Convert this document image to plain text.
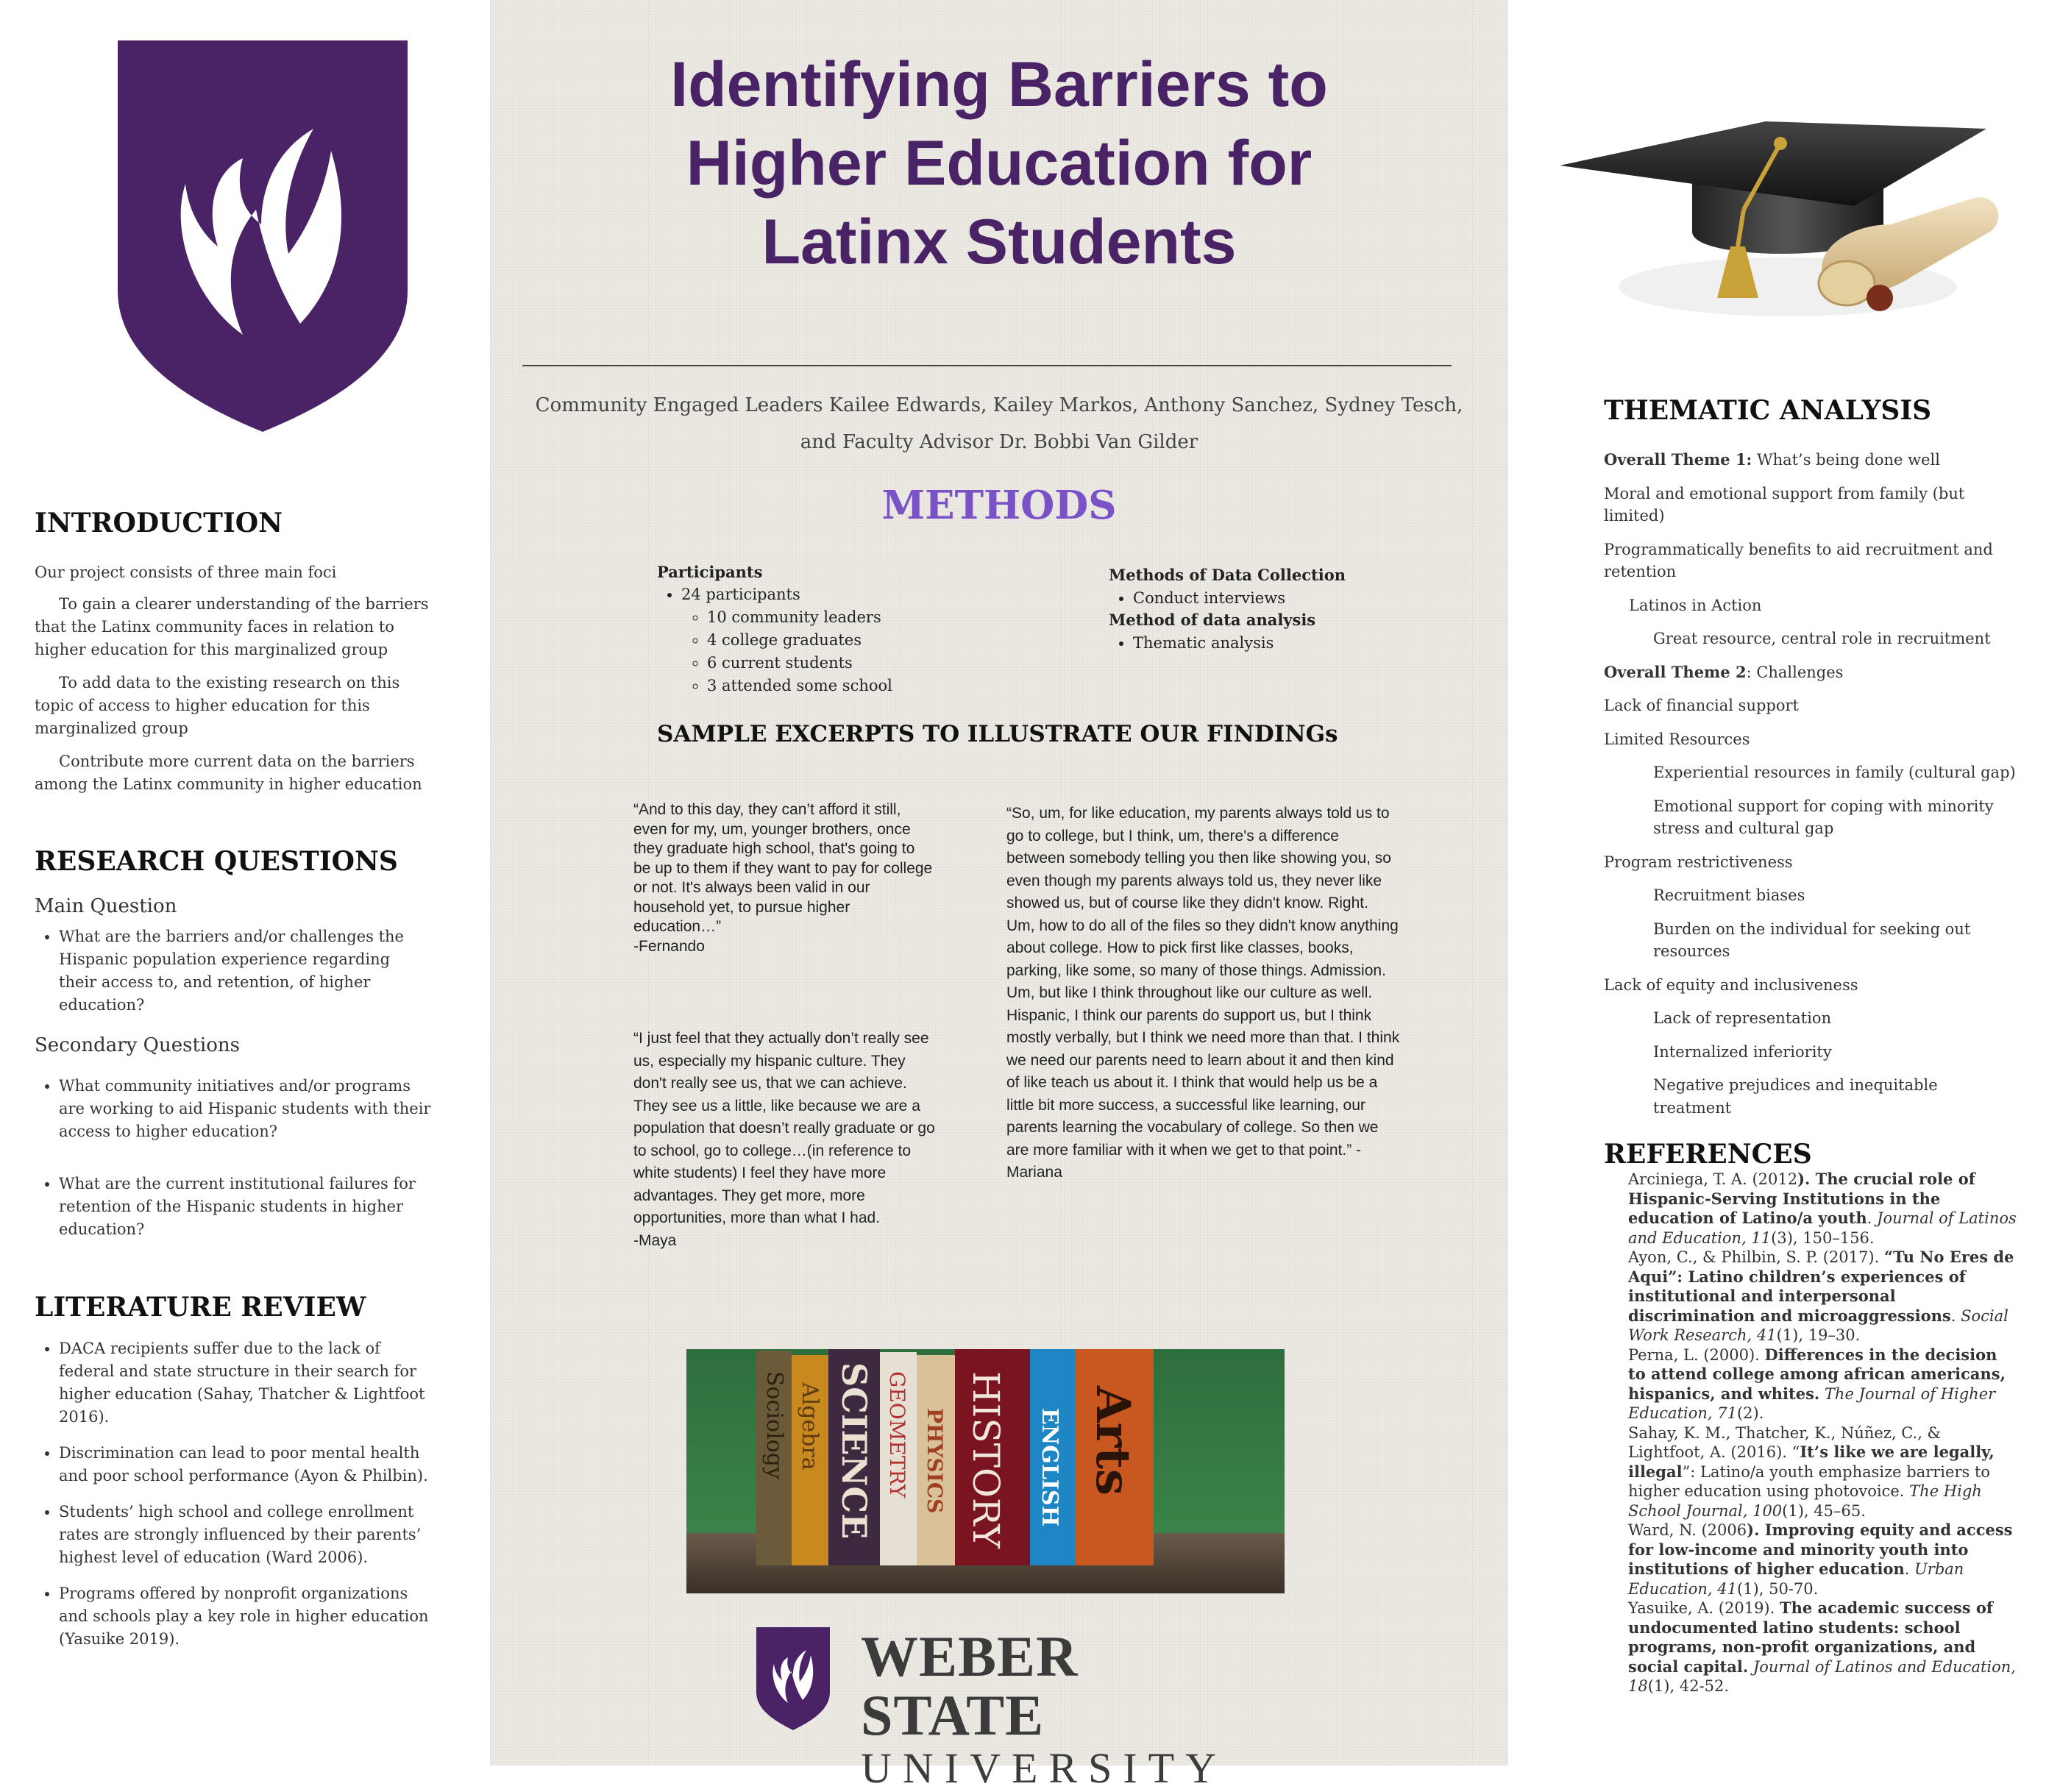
Identifying Barriers to
Higher Education for
Latinx Students
Community Engaged Leaders Kailee Edwards, Kailey Markos, Anthony Sanchez, Sydney Tesch,
and Faculty Advisor Dr. Bobbi Van Gilder
METHODS
Participants
• 24 participants
◦ 10 community leaders
◦ 4 college graduates
◦ 6 current students
◦ 3 attended some school
Methods of Data Collection
• Conduct interviews
Method of data analysis
• Thematic analysis
SAMPLE EXCERPTS TO ILLUSTRATE OUR FINDINGs
“And to this day, they can’t afford it still, even for my, um, younger brothers, once they graduate high school, that's going to be up to them if they want to pay for college or not. It's always been valid in our household yet, to pursue higher education…”
-Fernando
“I just feel that they actually don’t really see us, especially my hispanic culture. They don't really see us, that we can achieve. They see us a little, like because we are a population that doesn’t really graduate or go to school, go to college…(in reference to white students) I feel they have more advantages. They get more, more opportunities, more than what I had.
-Maya
“So, um, for like education, my parents always told us to go to college, but I think, um, there's a difference between somebody telling you then like showing you, so even though my parents always told us, they never like showed us, but of course like they didn't know. Right. Um, how to do all of the files so they didn't know anything about college. How to pick first like classes, books, parking, like some, so many of those things. Admission. Um, but like I think throughout like our culture as well. Hispanic, I think our parents do support us, but I think mostly verbally, but I think we need more than that. I think we need our parents need to learn about it and then kind of like teach us about it. I think that would help us be a little bit more success, a successful like learning, our parents learning the vocabulary of college. So then we are more familiar with it when we get to that point.” -Mariana
Sociology Algebra SCIENCE GEOMETRY PHYSICS HISTORY ENGLISH Arts
WEBER STATE
UNIVERSITY
INTRODUCTION
Our project consists of three main foci
To gain a clearer understanding of the barriers that the Latinx community faces in relation to higher education for this marginalized group
To add data to the existing research on this topic of access to higher education for this marginalized group
Contribute more current data on the barriers among the Latinx community in higher education
RESEARCH QUESTIONS
Main Question
• What are the barriers and/or challenges the Hispanic population experience regarding their access to, and retention, of higher education?
Secondary Questions
• What community initiatives and/or programs are working to aid Hispanic students with their access to higher education?
• What are the current institutional failures for retention of the Hispanic students in higher education?
LITERATURE REVIEW
• DACA recipients suffer due to the lack of federal and state structure in their search for higher education (Sahay, Thatcher & Lightfoot 2016).
• Discrimination can lead to poor mental health and poor school performance (Ayon & Philbin).
• Students’ high school and college enrollment rates are strongly influenced by their parents’ highest level of education (Ward 2006).
• Programs offered by nonprofit organizations and schools play a key role in higher education (Yasuike 2019).
THEMATIC ANALYSIS

Overall Theme 1: What’s being done well

Moral and emotional support from family (but limited)

Programmatically benefits to aid recruitment and retention

Latinos in Action

Great resource, central role in recruitment

Overall Theme 2: Challenges

Lack of financial support

Limited Resources

Experiential resources in family (cultural gap)

Emotional support for coping with minority stress and cultural gap

Program restrictiveness

Recruitment biases

Burden on the individual for seeking out resources

Lack of equity and inclusiveness

Lack of representation

Internalized inferiority

Negative prejudices and inequitable treatment

REFERENCES

Arciniega, T. A. (2012). The crucial role of Hispanic-Serving Institutions in the education of Latino/a youth. Journal of Latinos and Education, 11(3), 150–156.

Ayon, C., & Philbin, S. P. (2017). “Tu No Eres de Aqui”: Latino children’s experiences of institutional and interpersonal discrimination and microaggressions. Social Work Research, 41(1), 19–30.

Perna, L. (2000). Differences in the decision to attend college among african americans, hispanics, and whites. The Journal of Higher Education, 71(2).

Sahay, K. M., Thatcher, K., Núñez, C., & Lightfoot, A. (2016). “It’s like we are legally, illegal”: Latino/a youth emphasize barriers to higher education using photovoice. The High School Journal, 100(1), 45–65.

Ward, N. (2006). Improving equity and access for low-income and minority youth into institutions of higher education. Urban Education, 41(1), 50-70.

Yasuike, A. (2019). The academic success of undocumented latino students: school programs, non-profit organizations, and social capital. Journal of Latinos and Education, 18(1), 42-52.
